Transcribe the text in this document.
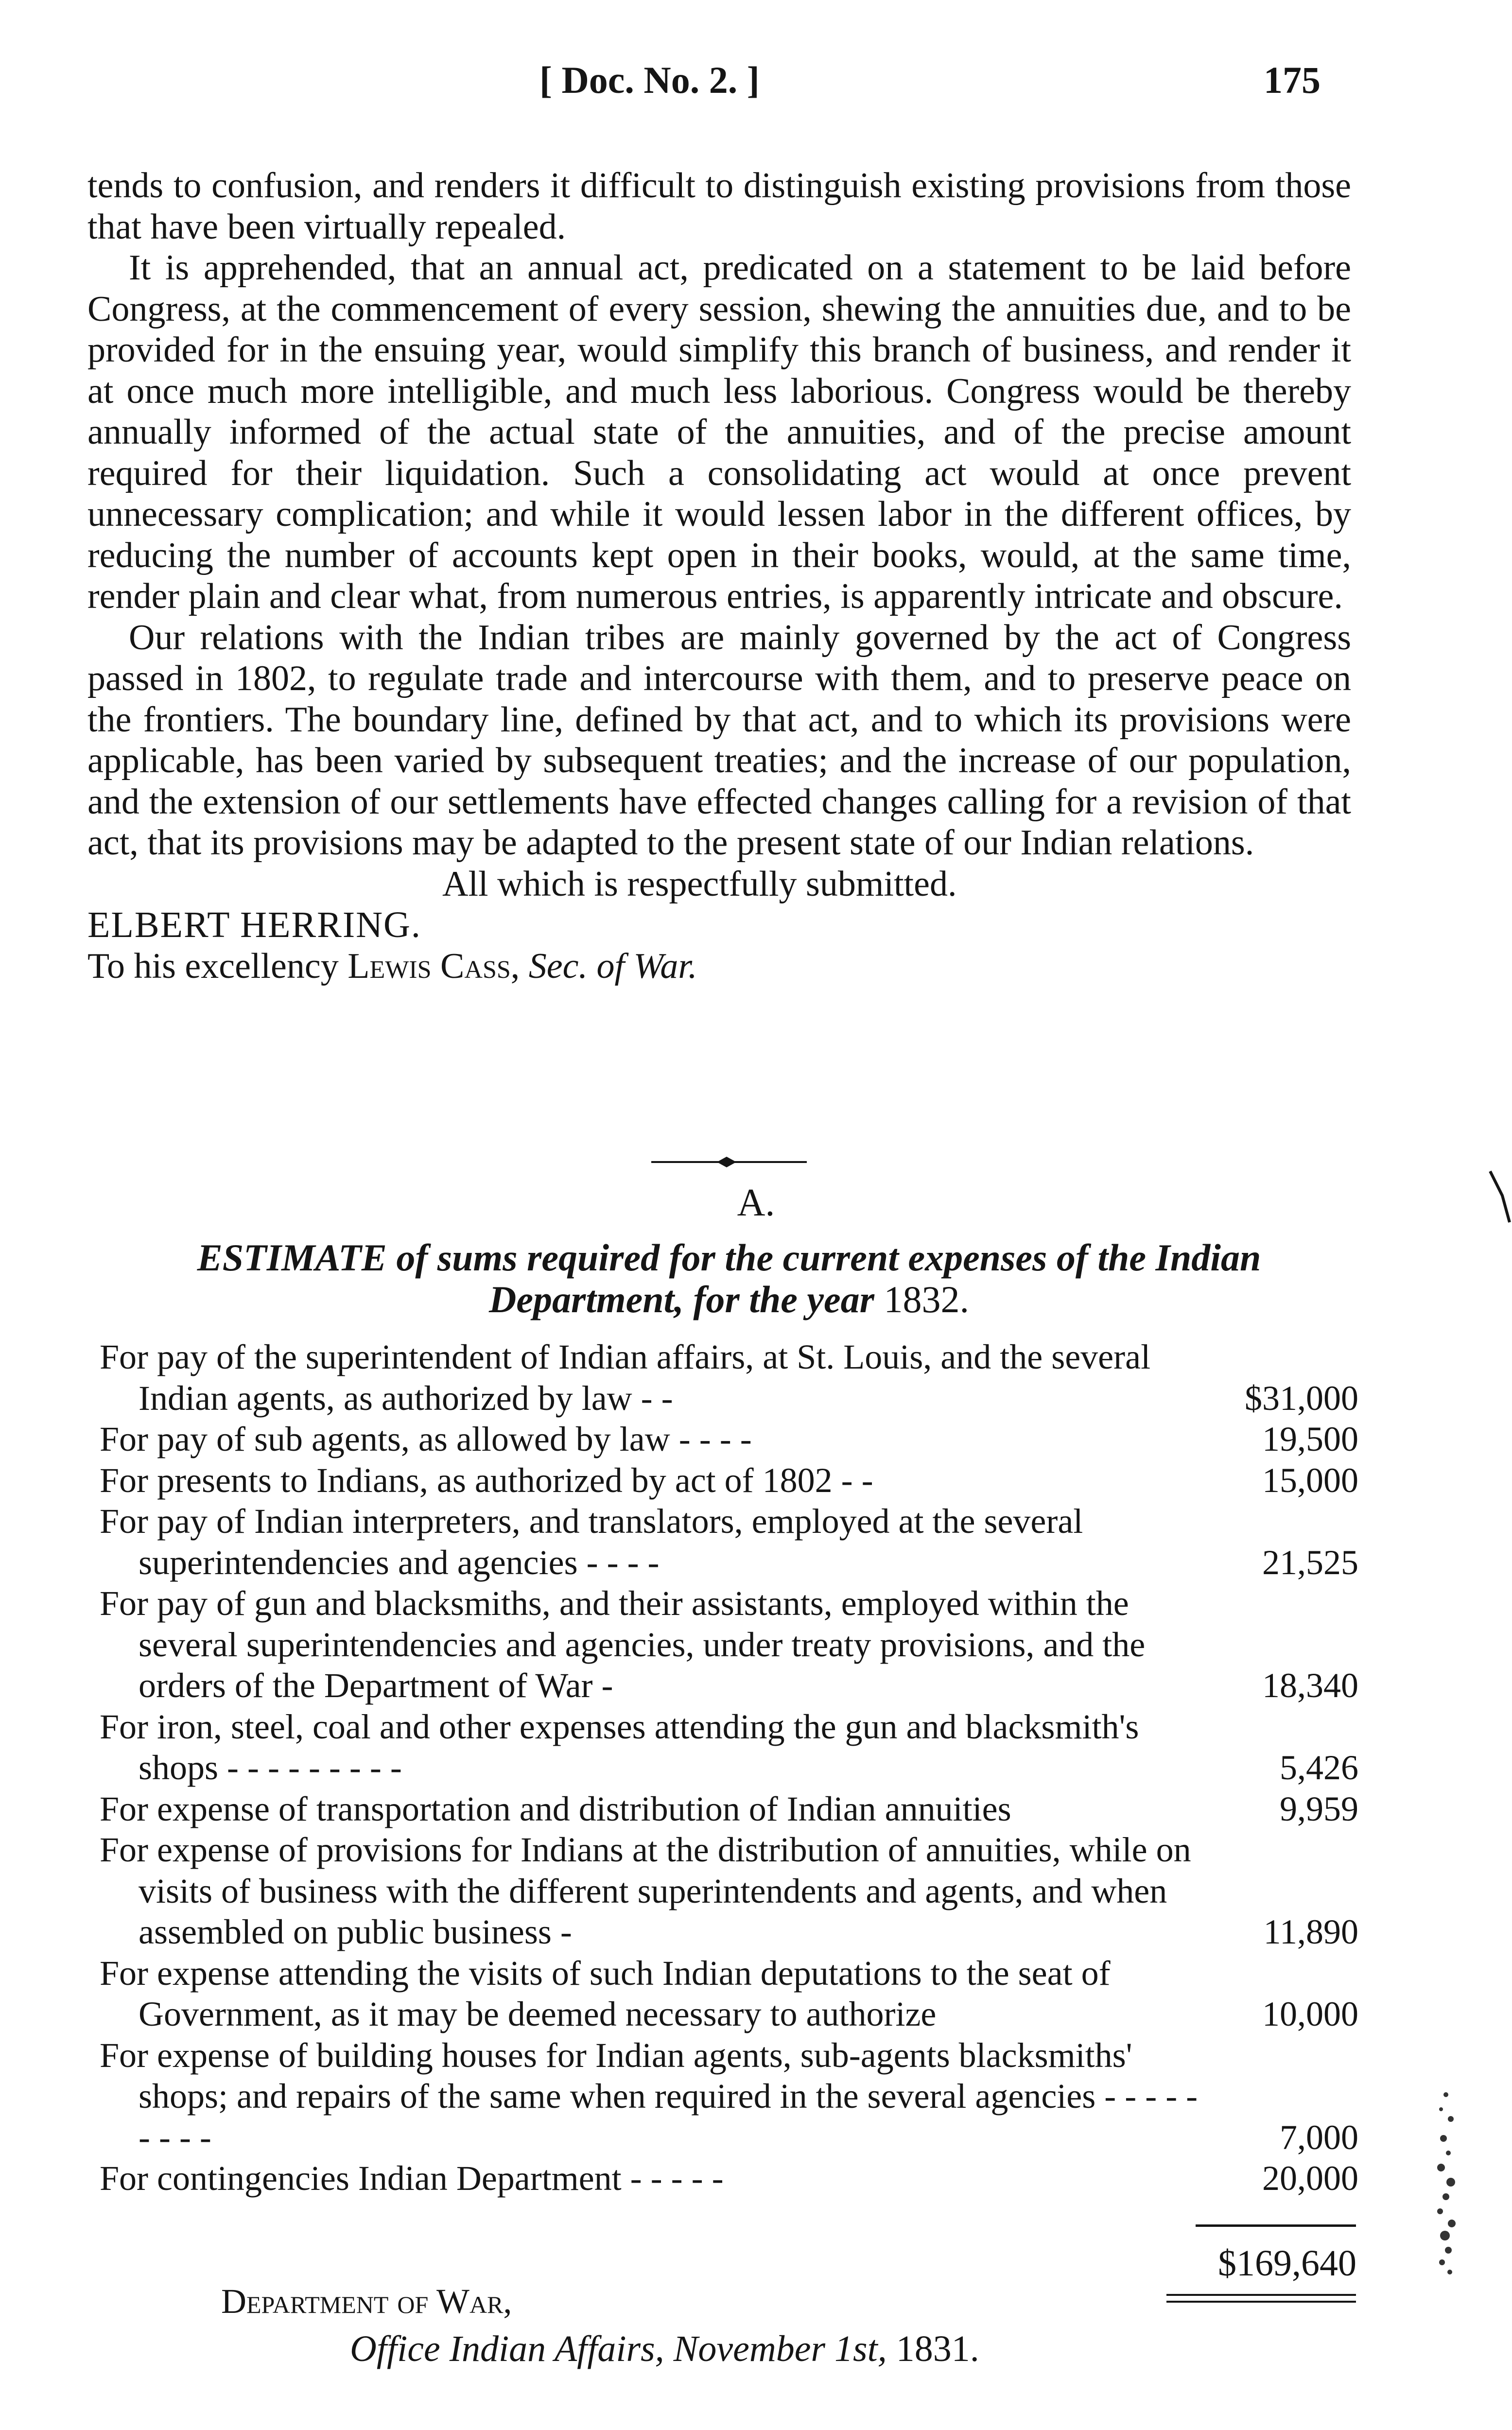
[ Doc. No. 2. ]	175

tends to confusion, and renders it difficult to distinguish existing provisions from those that have been virtually repealed.

It is apprehended, that an annual act, predicated on a statement to be laid before Congress, at the commencement of every session, shewing the annuities due, and to be provided for in the ensuing year, would simplify this branch of business, and render it at once much more intelligible, and much less laborious. Congress would be thereby annually informed of the actual state of the annuities, and of the precise amount required for their liquidation. Such a consolidating act would at once prevent unnecessary complication; and while it would lessen labor in the different offices, by reducing the number of accounts kept open in their books, would, at the same time, render plain and clear what, from numerous entries, is apparently intricate and obscure.

Our relations with the Indian tribes are mainly governed by the act of Congress passed in 1802, to regulate trade and intercourse with them, and to preserve peace on the frontiers. The boundary line, defined by that act, and to which its provisions were applicable, has been varied by subsequent treaties; and the increase of our population, and the extension of our settlements have effected changes calling for a revision of that act, that its provisions may be adapted to the present state of our Indian relations.

All which is respectfully submitted.

ELBERT HERRING.

To his excellency Lewis Cass, Sec. of War.

A.
ESTIMATE of sums required for the current expenses of the Indian
Department, for the year 1832.
For pay of the superintendent of Indian affairs, at St. Louis, and the several Indian agents, as authorized by law - -	$31,000
For pay of sub agents, as allowed by law - - - -	19,500
For presents to Indians, as authorized by act of 1802 - -	15,000
For pay of Indian interpreters, and translators, employed at the several superintendencies and agencies - - - -	21,525
For pay of gun and blacksmiths, and their assistants, employed within the several superintendencies and agencies, under treaty provisions, and the orders of the Department of War -	18,340
For iron, steel, coal and other expenses attending the gun and blacksmith's shops - - - - - - - - -	5,426
For expense of transportation and distribution of Indian annuities	9,959
For expense of provisions for Indians at the distribution of annuities, while on visits of business with the different superintendents and agents, and when assembled on public business -	11,890
For expense attending the visits of such Indian deputations to the seat of Government, as it may be deemed necessary to authorize	10,000
For expense of building houses for Indian agents, sub-agents blacksmiths' shops; and repairs of the same when required in the several agencies - - - - - - - - -	7,000
For contingencies Indian Department - - - - -	20,000
$169,640
Department of War,
Office Indian Affairs, November 1st, 1831.
